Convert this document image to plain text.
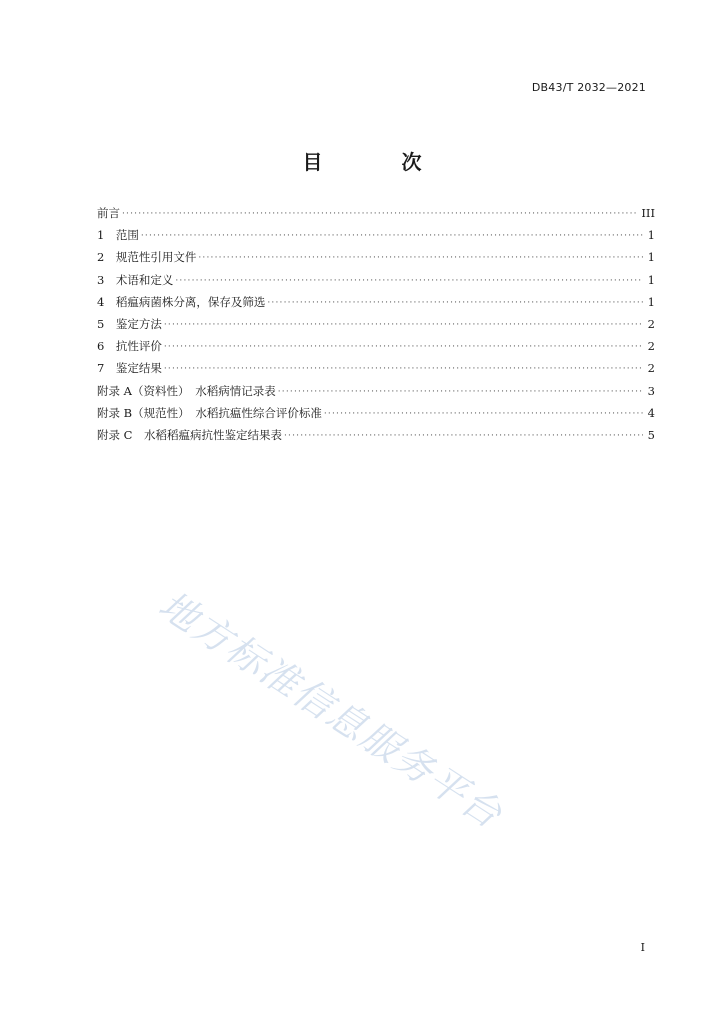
DB43/T 2032—2021
目 次
前言 ·····	III
1　范围 ·····	1
2　规范性引用文件 ·····	1
3　术语和定义 ·····	1
4　稻瘟病菌株分离，保存及筛选 ·····	1
5　鉴定方法 ·····	2
6　抗性评价 ·····	2
7　鉴定结果 ·····	2
附录 A（资料性）　水稻病情记录表 ·····	3
附录 B（规范性）　水稻抗瘟性综合评价标准 ·····	4
附录 C　水稻稻瘟病抗性鉴定结果表 ·····	5
地方标准信息服务平台
I
